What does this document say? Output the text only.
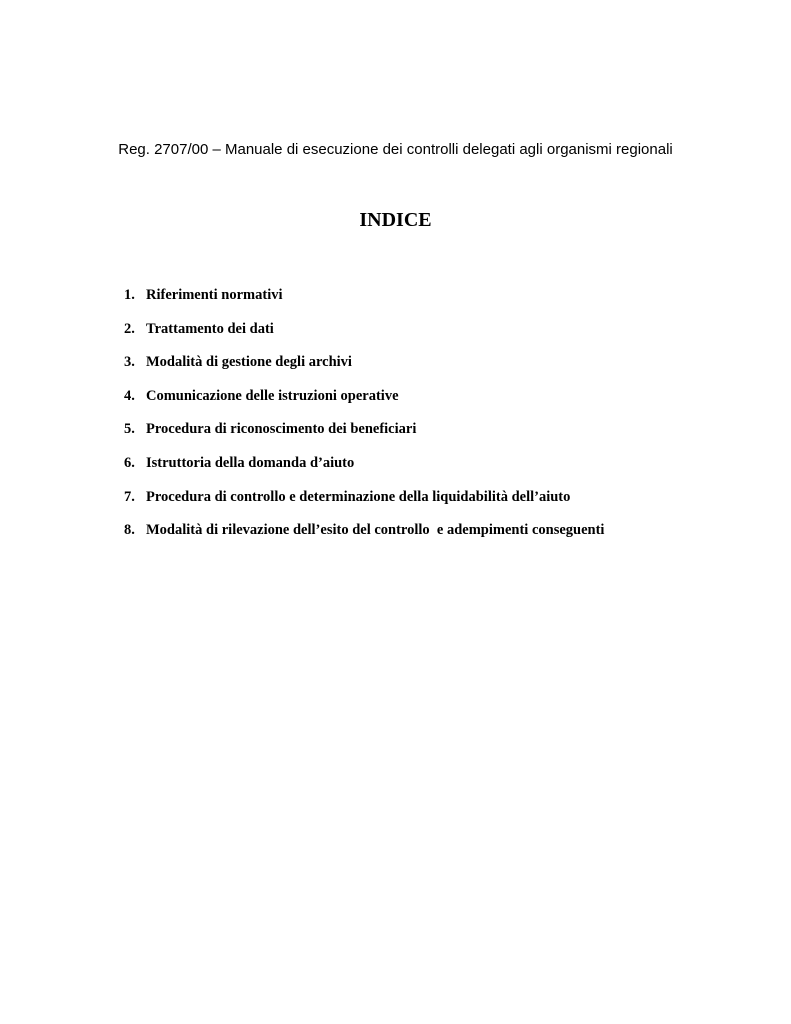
Reg. 2707/00 – Manuale di esecuzione dei controlli delegati agli organismi regionali
INDICE
1. Riferimenti normativi
2. Trattamento dei dati
3. Modalità di gestione degli archivi
4. Comunicazione delle istruzioni operative
5. Procedura di riconoscimento dei beneficiari
6. Istruttoria della domanda d’aiuto
7. Procedura di controllo e determinazione della liquidabilità dell’aiuto
8. Modalità di rilevazione dell’esito del controllo  e adempimenti conseguenti
